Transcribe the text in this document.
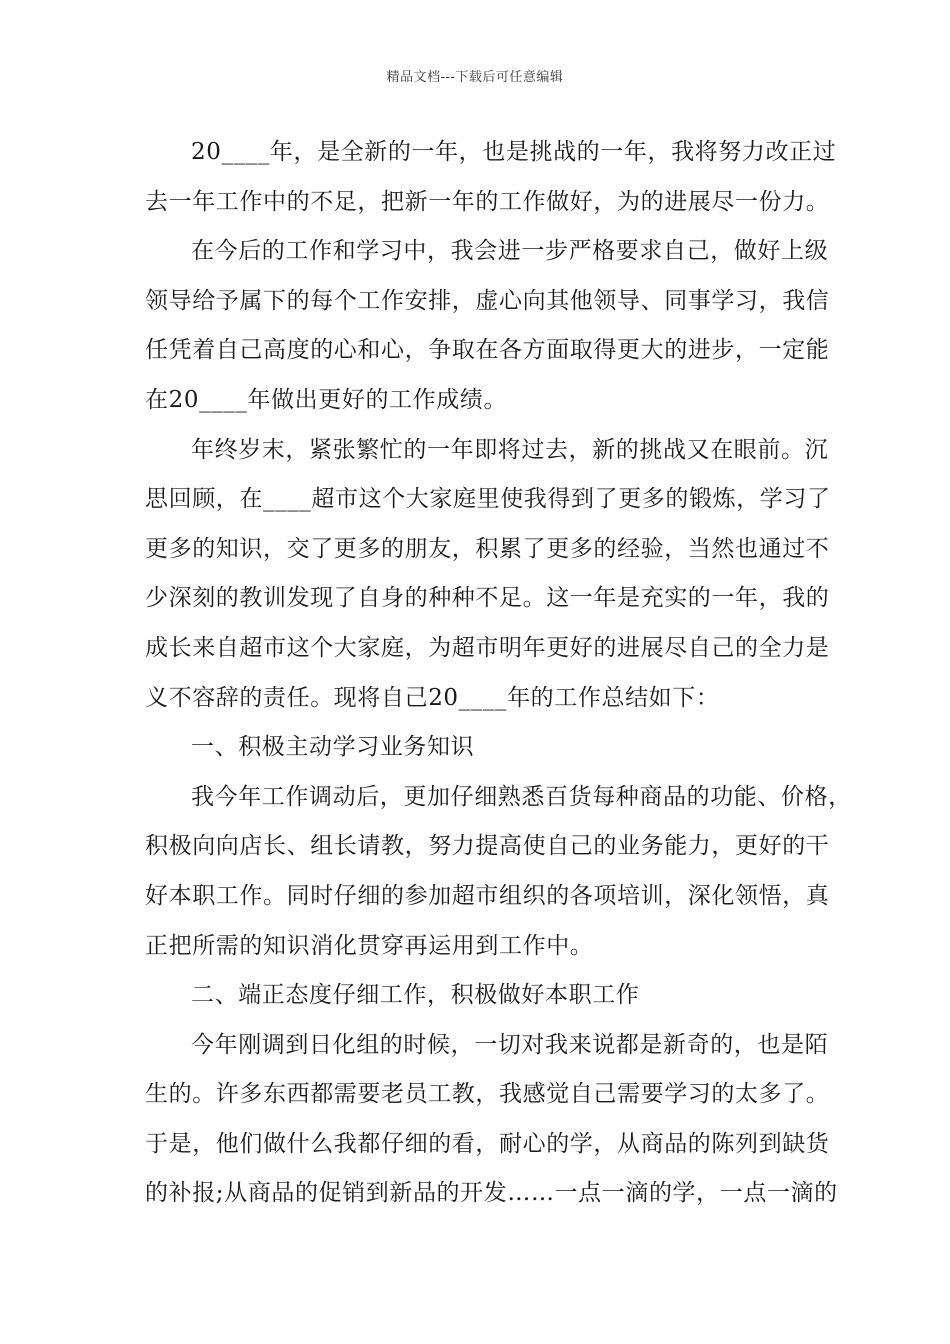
精品文档---下载后可任意编辑
20____年，是全新的一年，也是挑战的一年，我将努力改正过
去一年工作中的不足，把新一年的工作做好，为的进展尽一份力。
在今后的工作和学习中，我会进一步严格要求自己，做好上级
领导给予属下的每个工作安排，虚心向其他领导、同事学习，我信
任凭着自己高度的心和心，争取在各方面取得更大的进步，一定能
在20____年做出更好的工作成绩。
年终岁末，紧张繁忙的一年即将过去，新的挑战又在眼前。沉
思回顾，在____超市这个大家庭里使我得到了更多的锻炼，学习了
更多的知识，交了更多的朋友，积累了更多的经验，当然也通过不
少深刻的教训发现了自身的种种不足。这一年是充实的一年，我的
成长来自超市这个大家庭，为超市明年更好的进展尽自己的全力是
义不容辞的责任。现将自己20____年的工作总结如下：
一、积极主动学习业务知识
我今年工作调动后，更加仔细熟悉百货每种商品的功能、价格，
积极向向店长、组长请教，努力提高使自己的业务能力，更好的干
好本职工作。同时仔细的参加超市组织的各项培训，深化领悟，真
正把所需的知识消化贯穿再运用到工作中。
二、端正态度仔细工作，积极做好本职工作
今年刚调到日化组的时候，一切对我来说都是新奇的，也是陌
生的。许多东西都需要老员工教，我感觉自己需要学习的太多了。
于是，他们做什么我都仔细的看，耐心的学，从商品的陈列到缺货
的补报;从商品的促销到新品的开发……一点一滴的学，一点一滴的
